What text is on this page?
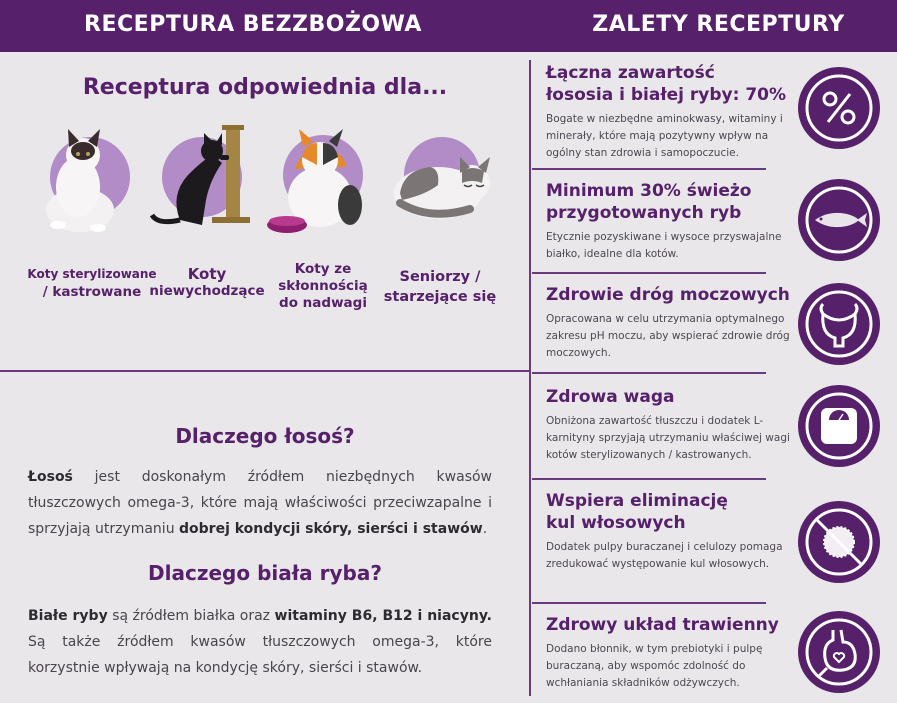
RECEPTURA BEZZBOŻOWA	ZALETY RECEPTURY
Receptura odpowiednia dla...
Koty sterylizowane
/ kastrowane
Koty
niewychodzące
Koty ze
skłonnością
do nadwagi
Seniorzy /
starzejące się
Dlaczego łosoś?
Łosoś jest doskonałym źródłem niezbędnych kwasów tłuszczowych omega-3, które mają właściwości przeciwzapalne i sprzyjają utrzymaniu dobrej kondycji skóry, sierści i stawów.
Dlaczego biała ryba?
Białe ryby są źródłem białka oraz witaminy B6, B12 i niacyny. Są także źródłem kwasów tłuszczowych omega-3, które korzystnie wpływają na kondycję skóry, sierści i stawów.
Łączna zawartość
łososia i białej ryby: 70%
Bogate w niezbędne aminokwasy, witaminy i minerały, które mają pozytywny wpływ na ogólny stan zdrowia i samopoczucie.
Minimum 30% świeżo
przygotowanych ryb
Etycznie pozyskiwane i wysoce przyswajalne białko, idealne dla kotów.
Zdrowie dróg moczowych
Opracowana w celu utrzymania optymalnego zakresu pH moczu, aby wspierać zdrowie dróg moczowych.
Zdrowa waga
Obniżona zawartość tłuszczu i dodatek L-karnityny sprzyjają utrzymaniu właściwej wagi kotów sterylizowanych / kastrowanych.
Wspiera eliminację
kul włosowych
Dodatek pulpy buraczanej i celulozy pomaga zredukować występowanie kul włosowych.
Zdrowy układ trawienny
Dodano błonnik, w tym prebiotyki i pulpę buraczaną, aby wspomóc zdolność do wchłaniania składników odżywczych.
